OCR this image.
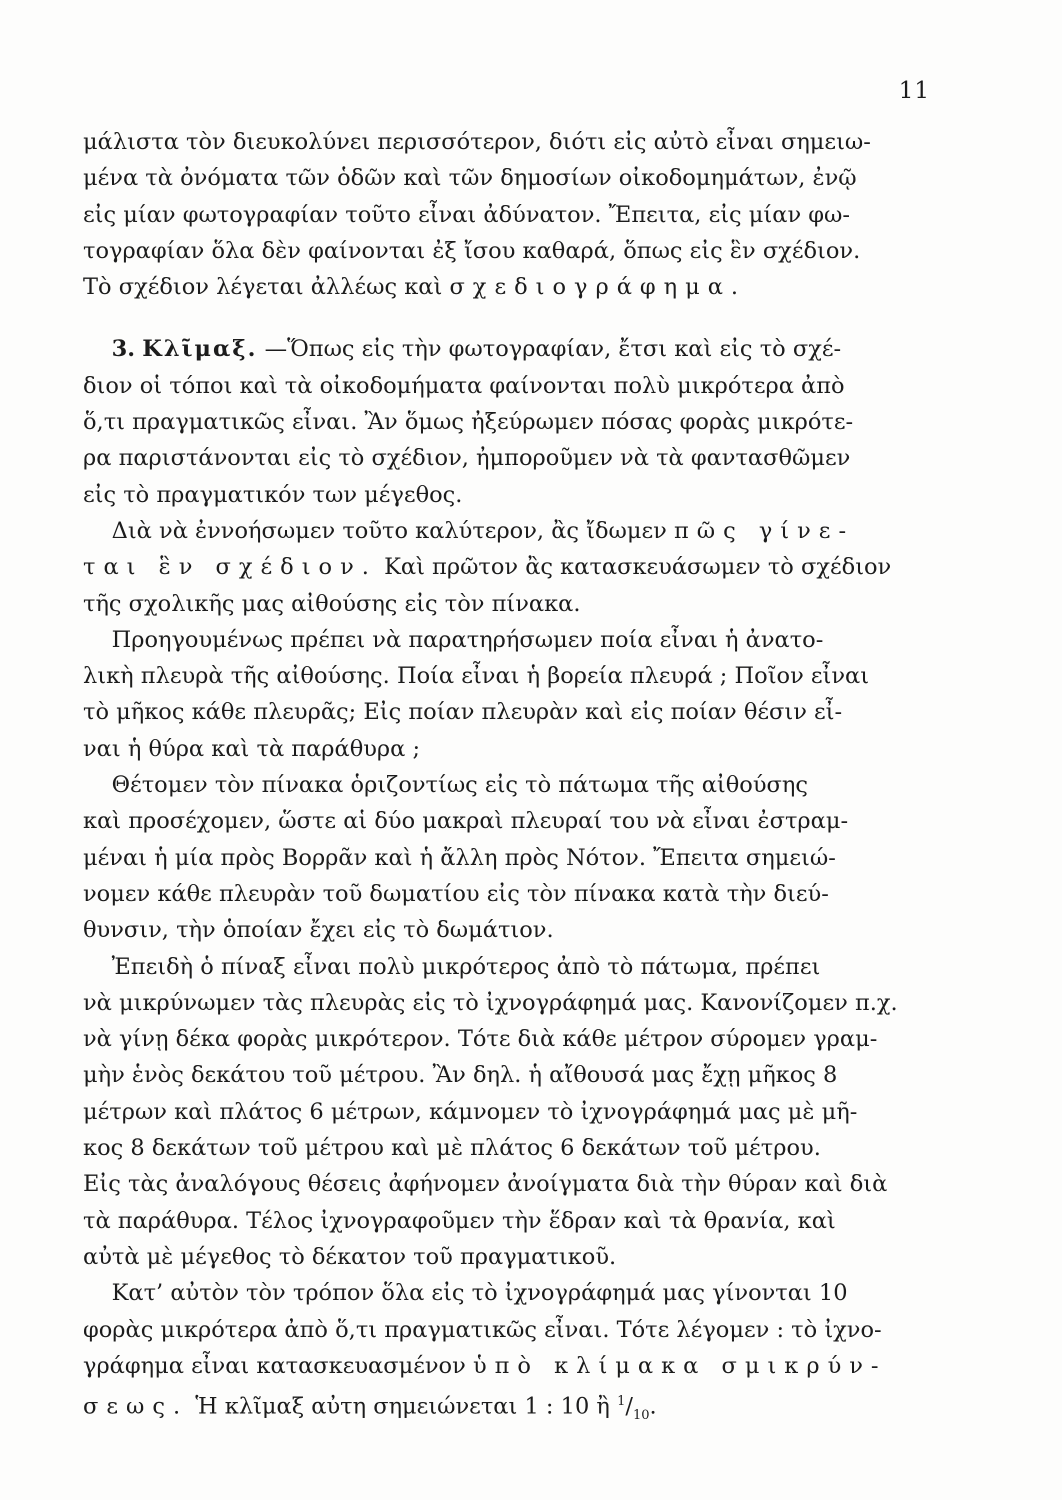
11

μάλιστα τὸν διευκολύνει περισσότερον, διότι εἰς αὐτὸ εἶναι σημειω-
μένα τὰ ὀνόματα τῶν ὁδῶν καὶ τῶν δημοσίων οἰκοδομημάτων, ἐνῷ
εἰς μίαν φωτογραφίαν τοῦτο εἶναι ἀδύνατον. Ἔπειτα, εἰς μίαν φω-
τογραφίαν ὅλα δὲν φαίνονται ἐξ ἴσου καθαρά, ὅπως εἰς ἓν σχέδιον.
Τὸ σχέδιον λέγεται ἀλλέως καὶ σχεδιογράφημα.

3. Κλῖμαξ. —Ὅπως εἰς τὴν φωτογραφίαν, ἔτσι καὶ εἰς τὸ σχέ-
διον οἱ τόποι καὶ τὰ οἰκοδομήματα φαίνονται πολὺ μικρότερα ἀπὸ
ὅ,τι πραγματικῶς εἶναι. Ἂν ὅμως ἠξεύρωμεν πόσας φορὰς μικρότε-
ρα παριστάνονται εἰς τὸ σχέδιον, ἠμποροῦμεν νὰ τὰ φαντασθῶμεν
εἰς τὸ πραγματικόν των μέγεθος.

Διὰ νὰ ἐννοήσωμεν τοῦτο καλύτερον, ἂς ἴδωμεν πῶς γίνε-
ται ἓν σχέδιον. Καὶ πρῶτον ἂς κατασκευάσωμεν τὸ σχέδιον
τῆς σχολικῆς μας αἰθούσης εἰς τὸν πίνακα.

Προηγουμένως πρέπει νὰ παρατηρήσωμεν ποία εἶναι ἡ ἀνατο-
λικὴ πλευρὰ τῆς αἰθούσης. Ποία εἶναι ἡ βορεία πλευρά ; Ποῖον εἶναι
τὸ μῆκος κάθε πλευρᾶς; Εἰς ποίαν πλευρὰν καὶ εἰς ποίαν θέσιν εἶ-
ναι ἡ θύρα καὶ τὰ παράθυρα ;

Θέτομεν τὸν πίνακα ὁριζοντίως εἰς τὸ πάτωμα τῆς αἰθούσης
καὶ προσέχομεν, ὥστε αἱ δύο μακραὶ πλευραί του νὰ εἶναι ἐστραμ-
μέναι ἡ μία πρὸς Βορρᾶν καὶ ἡ ἄλλη πρὸς Νότον. Ἔπειτα σημειώ-
νομεν κάθε πλευρὰν τοῦ δωματίου εἰς τὸν πίνακα κατὰ τὴν διεύ-
θυνσιν, τὴν ὁποίαν ἔχει εἰς τὸ δωμάτιον.

Ἐπειδὴ ὁ πίναξ εἶναι πολὺ μικρότερος ἀπὸ τὸ πάτωμα, πρέπει
νὰ μικρύνωμεν τὰς πλευρὰς εἰς τὸ ἰχνογράφημά μας. Κανονίζομεν π.χ.
νὰ γίνῃ δέκα φορὰς μικρότερον. Τότε διὰ κάθε μέτρον σύρομεν γραμ-
μὴν ἑνὸς δεκάτου τοῦ μέτρου. Ἂν δηλ. ἡ αἴθουσά μας ἔχῃ μῆκος 8
μέτρων καὶ πλάτος 6 μέτρων, κάμνομεν τὸ ἰχνογράφημά μας μὲ μῆ-
κος 8 δεκάτων τοῦ μέτρου καὶ μὲ πλάτος 6 δεκάτων τοῦ μέτρου.
Εἰς τὰς ἀναλόγους θέσεις ἀφήνομεν ἀνοίγματα διὰ τὴν θύραν καὶ διὰ
τὰ παράθυρα. Τέλος ἰχνογραφοῦμεν τὴν ἕδραν καὶ τὰ θρανία, καὶ
αὐτὰ μὲ μέγεθος τὸ δέκατον τοῦ πραγματικοῦ.

Κατ’ αὐτὸν τὸν τρόπον ὅλα εἰς τὸ ἰχνογράφημά μας γίνονται 10
φορὰς μικρότερα ἀπὸ ὅ,τι πραγματικῶς εἶναι. Τότε λέγομεν : τὸ ἰχνο-
γράφημα εἶναι κατασκευασμένον ὑπὸ κλίμακα σμικρύν-
σεως. Ἡ κλῖμαξ αὐτη σημειώνεται 1 : 10 ἢ $^1/_{10}$.
